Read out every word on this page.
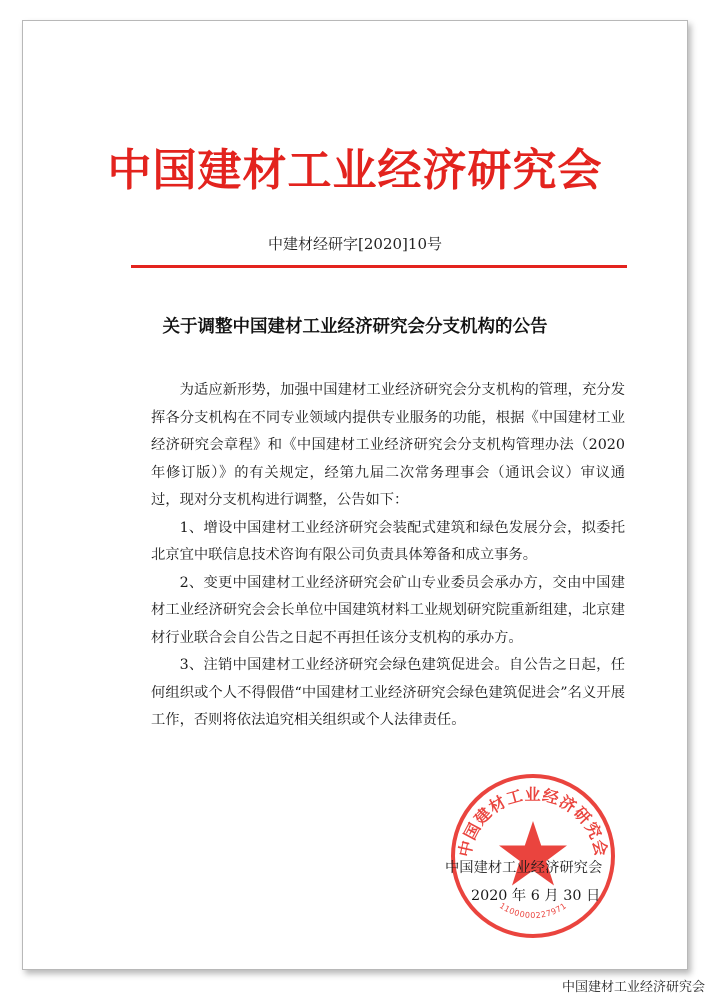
中国建材工业经济研究会
中建材经研字[2020]10号
关于调整中国建材工业经济研究会分支机构的公告

为适应新形势，加强中国建材工业经济研究会分支机构的管理，充分发挥各分支机构在不同专业领域内提供专业服务的功能，根据《中国建材工业经济研究会章程》和《中国建材工业经济研究会分支机构管理办法（2020年修订版）》的有关规定，经第九届二次常务理事会（通讯会议）审议通过，现对分支机构进行调整，公告如下：

1、增设中国建材工业经济研究会装配式建筑和绿色发展分会，拟委托北京宜中联信息技术咨询有限公司负责具体筹备和成立事务。

2、变更中国建材工业经济研究会矿山专业委员会承办方，交由中国建材工业经济研究会会长单位中国建筑材料工业规划研究院重新组建，北京建材行业联合会自公告之日起不再担任该分支机构的承办方。

3、注销中国建材工业经济研究会绿色建筑促进会。自公告之日起，任何组织或个人不得假借“中国建材工业经济研究会绿色建筑促进会”名义开展工作，否则将依法追究相关组织或个人法律责任。

中国建材工业经济研究会
1100000227971
中国建材工业经济研究会
2020 年 6 月 30 日
中国建材工业经济研究会
